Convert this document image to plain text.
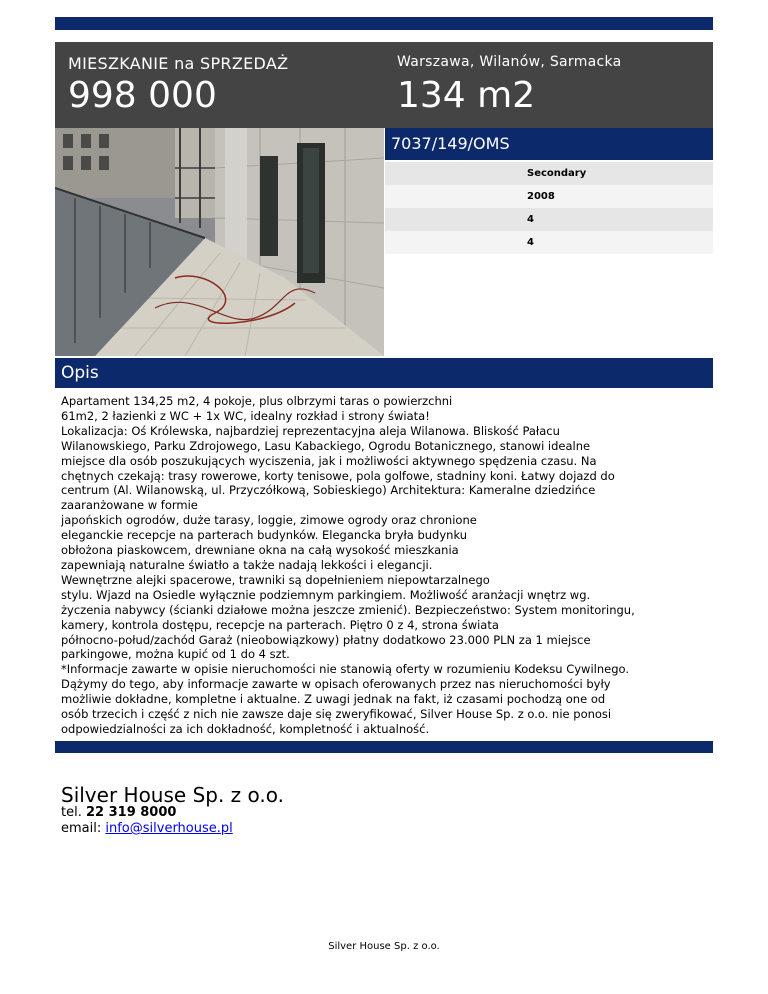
MIESZKANIE na SPRZEDAŻ
998 000
Warszawa, Wilanów, Sarmacka
134 m2
7037/149/OMS
Secondary
2008
4
4
Opis
Apartament 134,25 m2, 4 pokoje, plus olbrzymi taras o powierzchni
61m2, 2 łazienki z WC + 1x WC, idealny rozkład i strony świata!
Lokalizacja: Oś Królewska, najbardziej reprezentacyjna aleja Wilanowa. Bliskość Pałacu
Wilanowskiego, Parku Zdrojowego, Lasu Kabackiego, Ogrodu Botanicznego, stanowi idealne
miejsce dla osób poszukujących wyciszenia, jak i możliwości aktywnego spędzenia czasu. Na
chętnych czekają: trasy rowerowe, korty tenisowe, pola golfowe, stadniny koni. Łatwy dojazd do
centrum (Al. Wilanowską, ul. Przyczółkową, Sobieskiego) Architektura: Kameralne dziedzińce
zaaranżowane w formie
japońskich ogrodów, duże tarasy, loggie, zimowe ogrody oraz chronione
eleganckie recepcje na parterach budynków. Elegancka bryła budynku
obłożona piaskowcem, drewniane okna na całą wysokość mieszkania
zapewniają naturalne światło a także nadają lekkości i elegancji.
Wewnętrzne alejki spacerowe, trawniki są dopełnieniem niepowtarzalnego
stylu. Wjazd na Osiedle wyłącznie podziemnym parkingiem. Możliwość aranżacji wnętrz wg.
życzenia nabywcy (ścianki działowe można jeszcze zmienić). Bezpieczeństwo: System monitoringu,
kamery, kontrola dostępu, recepcje na parterach. Piętro 0 z 4, strona świata
północno-połud/zachód Garaż (nieobowiązkowy) płatny dodatkowo 23.000 PLN za 1 miejsce
parkingowe, można kupić od 1 do 4 szt.
*Informacje zawarte w opisie nieruchomości nie stanowią oferty w rozumieniu Kodeksu Cywilnego.
Dążymy do tego, aby informacje zawarte w opisach oferowanych przez nas nieruchomości były
możliwie dokładne, kompletne i aktualne. Z uwagi jednak na fakt, iż czasami pochodzą one od
osób trzecich i część z nich nie zawsze daje się zweryfikować, Silver House Sp. z o.o. nie ponosi
odpowiedzialności za ich dokładność, kompletność i aktualność.
Silver House Sp. z o.o.
tel. 22 319 8000
email: info@silverhouse.pl
Silver House Sp. z o.o.
